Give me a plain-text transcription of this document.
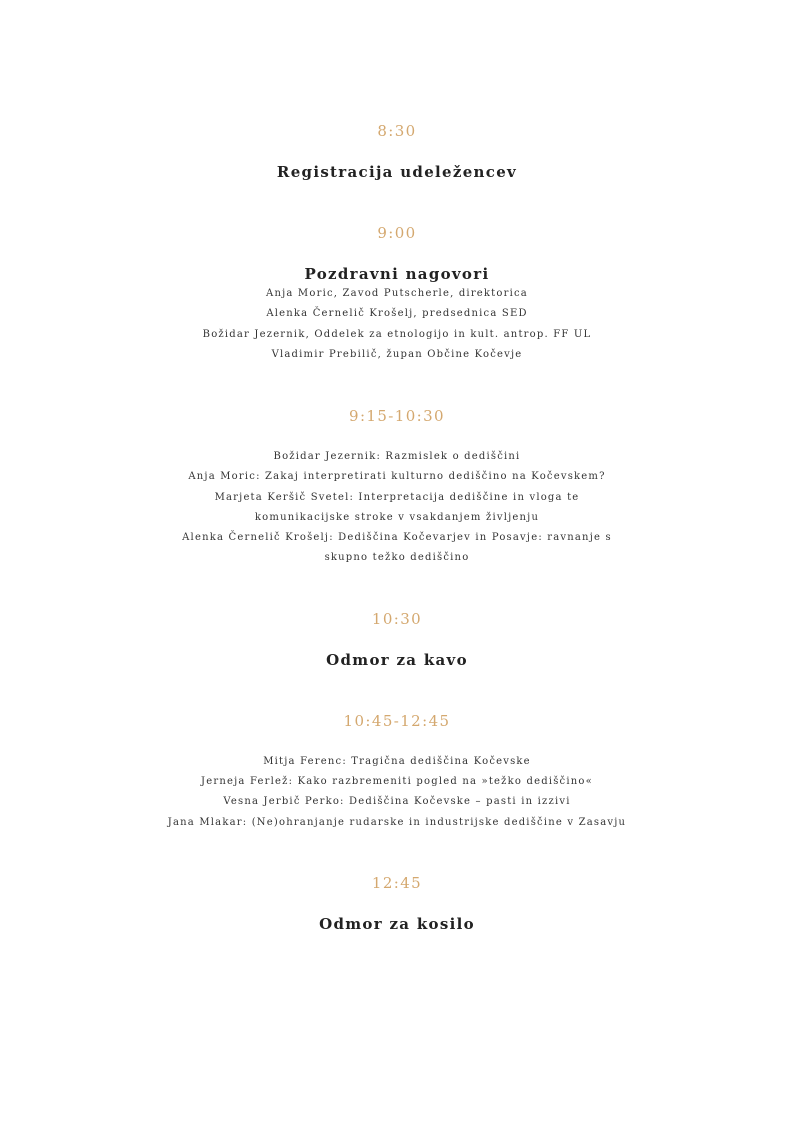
8:30
Registracija udeležencev
9:00
Pozdravni nagovori
Anja Moric, Zavod Putscherle, direktorica
Alenka Černelič Krošelj, predsednica SED
Božidar Jezernik, Oddelek za etnologijo in kult. antrop. FF UL
Vladimir Prebilič, župan Občine Kočevje
9:15-10:30
Božidar Jezernik: Razmislek o dediščini
Anja Moric: Zakaj interpretirati kulturno dediščino na Kočevskem?
Marjeta Keršič Svetel: Interpretacija dediščine in vloga te
komunikacijske stroke v vsakdanjem življenju
Alenka Černelič Krošelj: Dediščina Kočevarjev in Posavje: ravnanje s
skupno težko dediščino
10:30
Odmor za kavo
10:45-12:45
Mitja Ferenc: Tragična dediščina Kočevske
Jerneja Ferlež: Kako razbremeniti pogled na »težko dediščino«
Vesna Jerbič Perko: Dediščina Kočevske – pasti in izzivi
Jana Mlakar: (Ne)ohranjanje rudarske in industrijske dediščine v Zasavju
12:45
Odmor za kosilo
